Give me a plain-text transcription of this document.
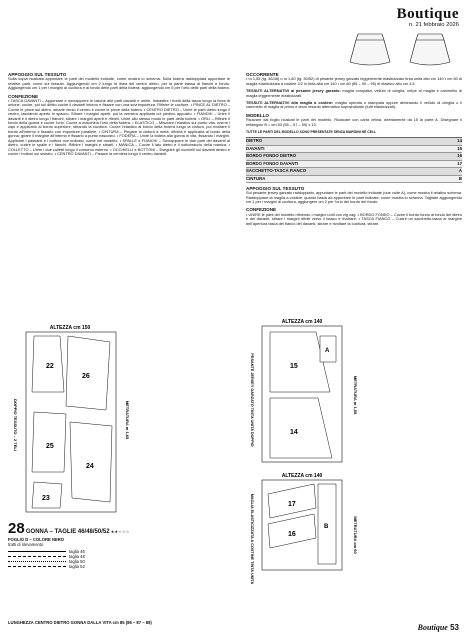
Boutique
n. 21 febbraio 2026
APPOGGIO SUL TESSUTO

Sulla copia ricalcata appuntare le parti del modello indicate, come mostra lo schema. Sulla fodera raddoppiata appuntare le relative parti, come sul tessuto. Aggiungendo cm 2 lungo la linea del centro dietro, per la parte bassa di fianchi e fondo. Aggiungendo cm 1 per i margini di cucitura e al fondo delle parti della fodera; aggiungendo cm 5 per l'orlo delle parti della fodera.

CONFEZIONE

• TASCA DAVANTI – Appuntare e sovrapporre le tasche alle parti davanti e unirle. Imbastire i bordi della tasca lungo la linea di unione, cucire, poi sul diritto cucire il davanti intorno e fissare con una sovrimpuntura. Rifinire le cuciture. • PINCE AL DIETRO – Cucire le pince sul dietro, stirarle verso il centro e cucire le pince della fodera. • CENTRO DIETRO – Unire le parti dietro lungo il centro, lasciando aperto lo spacco. Stirare i margini aperti, poi la cerniera applicata col piedino apposito. • FIANCHI – Unire il davanti e il dietro lungo i fianchi, stirare i margini aperti e rifinirli. Unire allo stesso modo le parti della fodera. • ORLI – Rifinire il fondo della gonna e cucire l'orlo. Cucire a macchina l'orlo della fodera. • ELASTICO – Misurare l'elastico sul punto vita, unirne i capi e applicarlo al bordo superiore, stirando la cucitura. Cucire l'elastico al bordo della fodera lungo la cintura, poi rivoltare il bordo all'interno e fissarlo con impunture parallele. • CINTURA – Piegare la cintura a metà, rifinirla e applicarla al bordo della gonna; girare il margine all'interno e fissarlo a punto nascosto. • FODERA – Unire la fodera alla gonna in vita, fissando i margini. Applicare i passanti e i bottoni ove indicato, come nel modello. • SPALLE e FIANCHI – Sovrapporre le due parti del davanti al dietro, cucire le spalle e i fianchi. Rifinire i margini e stirarli. • MANICA – Cucire il lato dietro e il sottobraccio della manica. • COLLETTO – Unire i due colletti lungo il contorno esterno. • OCCHIELLI e BOTTONI – Eseguire gli occhielli sul davanti destro e cucire i bottoni sul sinistro. • CENTRO DAVANTI – Fissare la cerniera lungo il centro davanti.

OCCORRENTE

• m 1,55 (tg. 46/48) o m 1,80 (tg. 50/52) di pesante jersey garzato leggermente elasticizzato tinta unita alto cm 140 • cm 60 di maglia elasticizzata a costine 2/2 in tinta alta cm 140 • cm 80 (85 – 90 – 95) di elastico alto cm 4,5.

TESSUTI ALTERNATIVI al pesante jersey garzato: maglia compatta, velluto di ciniglia, crêpe di maglia e cammello di maglia leggermente elasticizzati.

TESSUTI ALTERNATIVI alla maglia a costine: maglia operata o stampata oppure abbinando il velluto di ciniglia o il cammello di maglia al primo e terzo tessuto alternativo sopraindicato (tutti elasticizzati).

MODELLO

Ricavare dal foglio ricalcati le parti del modello. Ricalcare con carta velina, direttamente da 15 la parte A. Disegnare il rettangolo B = cm 53 (55 – 57 – 59) x 10.

TUTTE LE PARTI DEL MODELLO SONO PRESENTATE SENZA MARGINI NÉ CELL
DIETRO	14
DAVANTI	15
BORDO FONDO DIETRO	16
BORDO FONDO DAVANTI	17
SACCHETTO-TASCA FIANCO	A
CINTURA	B
APPOGGIO SUL TESSUTO

Sul pesante jersey garzato raddoppiato, appuntare le parti del modello indicate (due volte A), come mostra il relativo schema. Raddoppiare la maglia a costine, quanto basta ad appuntare le parti indicate, come mostra lo schema. Tagliare aggiungendo cm 1 per i margini di cucitura, aggiungere cm 2 per l'orlo del bordo del fondo.

CONFEZIONE

• UNIRE le parti del modello rifinendo i margini uniti con zig zag. • BORDO FONDO – Cucire il bordo fondo al fondo del dietro e del davanti, stirare i margini rifiniti verso il basso e rivoltare. • TASCA FIANCO – Cucire un sacchetto-tasca al margine dell'apertura tasca del fianco del davanti, stirare e rivoltare la cucitura, stirare.

ALTEZZA cm 150
22
26
25
24
23
DOPPIO TESSUTO – 2 TELI	METRATURA m 1,65
ALTEZZA cm 140
15
14
A
PESANTE JERSEY GARZATO TINTA UNITA DOPPIO	METRATURA m 1,55
ALTEZZA cm 140
17
16
B
MAGLIA ELASTICIZZATA A COSTINE TINTA UNITA	METRATURA cm 60
28 GONNA – TAGLIE 46/48/50/52 ★★☆☆☆
FOGLIO D – COLORE NERO
tratti di rilevamento
taglia 46
taglia 48
taglia 50
taglia 52
LUNGHEZZA CENTRO DIETRO GONNA DALLA VITA cm 85 (86 – 87 – 88)
Boutique 53
